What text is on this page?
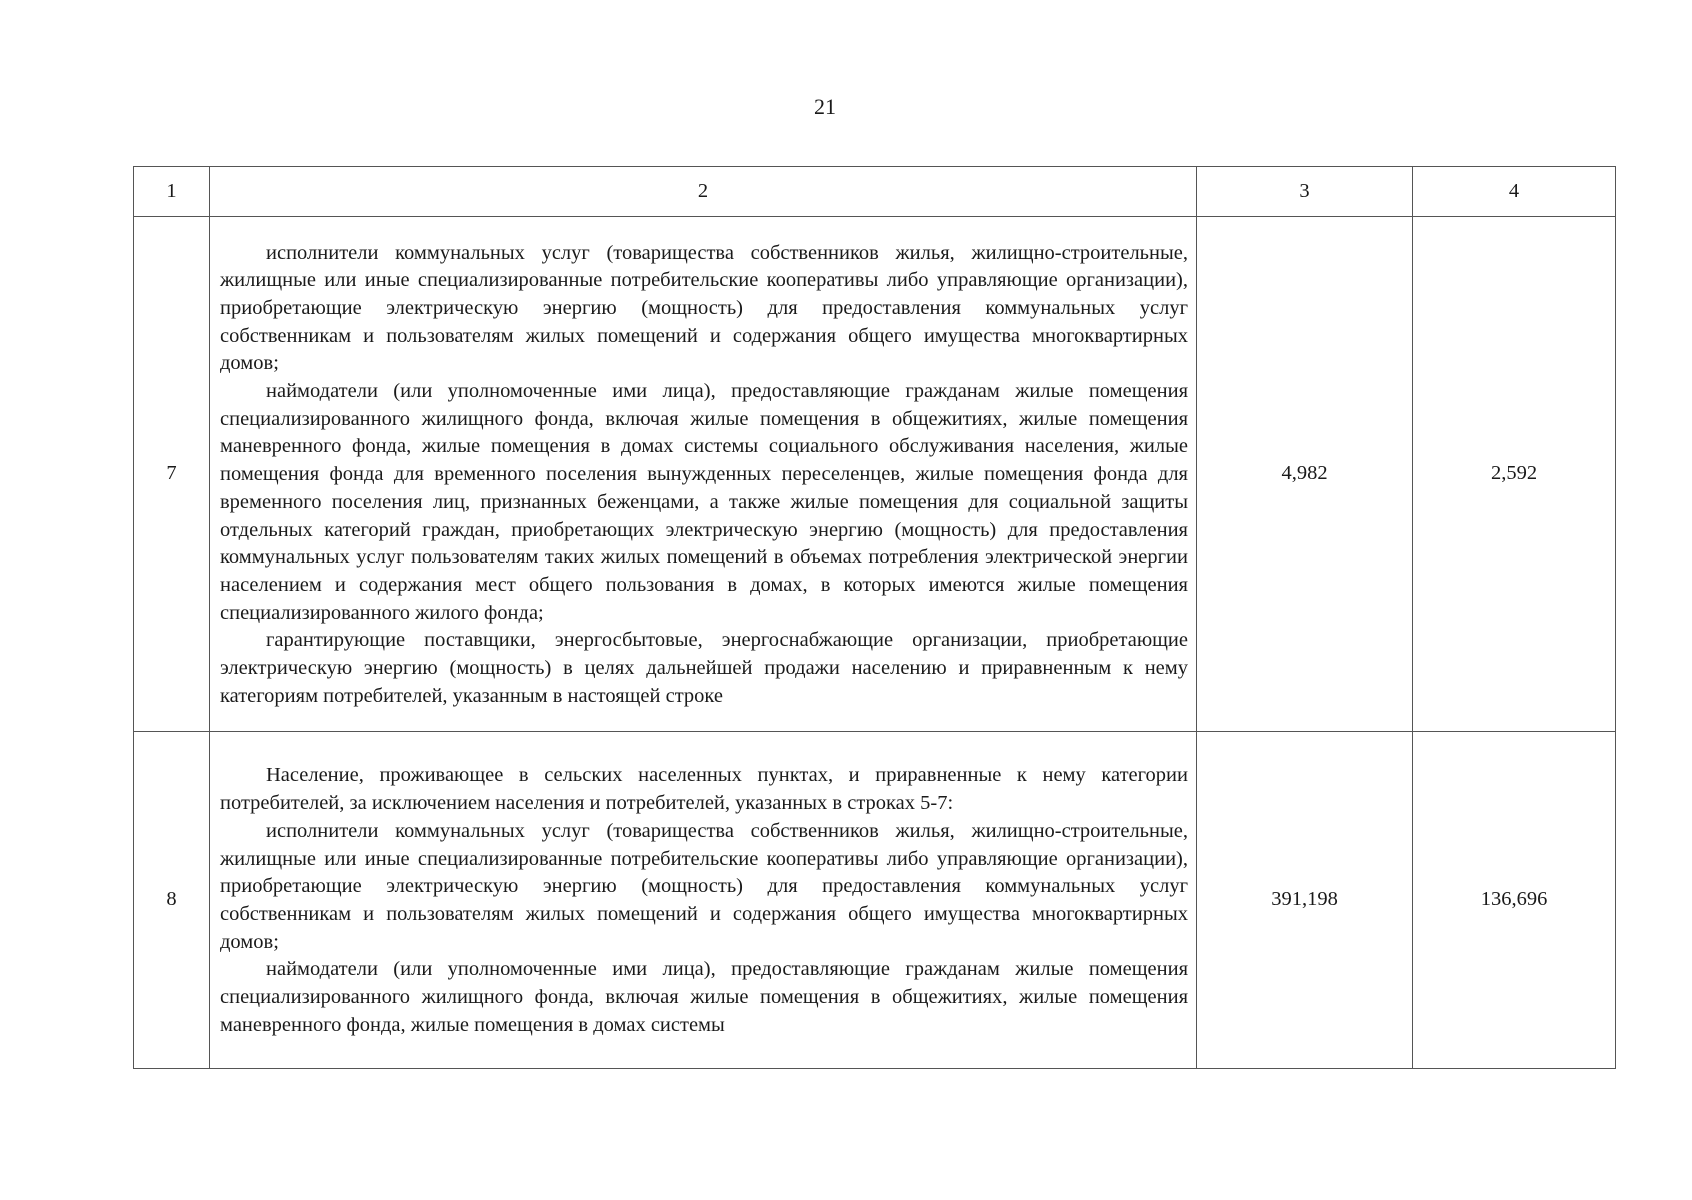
21
1	2	3	4
7	исполнители коммунальных услуг (товарищества собственников жилья, жилищно-строительные, жилищные или иные специализированные потребительские кооперативы либо управляющие организации), приобретающие электрическую энергию (мощность) для предоставления коммунальных услуг собственникам и пользователям жилых помещений и содержания общего имущества многоквартирных домов;

наймодатели (или уполномоченные ими лица), предоставляющие гражданам жилые помещения специализированного жилищного фонда, включая жилые помещения в общежитиях, жилые помещения маневренного фонда, жилые помещения в домах системы социального обслуживания населения, жилые помещения фонда для временного поселения вынужденных переселенцев, жилые помещения фонда для временного поселения лиц, признанных беженцами, а также жилые помещения для социальной защиты отдельных категорий граждан, приобретающих электрическую энергию (мощность) для предоставления коммунальных услуг пользователям таких жилых помещений в объемах потребления электрической энергии населением и содержания мест общего пользования в домах, в которых имеются жилые помещения специализированного жилого фонда;

гарантирующие поставщики, энергосбытовые, энергоснабжающие организации, приобретающие электрическую энергию (мощность) в целях дальнейшей продажи населению и приравненным к нему категориям потребителей, указанным в настоящей строке	4,982	2,592
8	Население, проживающее в сельских населенных пунктах, и приравненные к нему категории потребителей, за исключением населения и потребителей, указанных в строках 5-7:

исполнители коммунальных услуг (товарищества собственников жилья, жилищно-строительные, жилищные или иные специализированные потребительские кооперативы либо управляющие организации), приобретающие электрическую энергию (мощность) для предоставления коммунальных услуг собственникам и пользователям жилых помещений и содержания общего имущества многоквартирных домов;

наймодатели (или уполномоченные ими лица), предоставляющие гражданам жилые помещения специализированного жилищного фонда, включая жилые помещения в общежитиях, жилые помещения маневренного фонда, жилые помещения в домах системы	391,198	136,696
